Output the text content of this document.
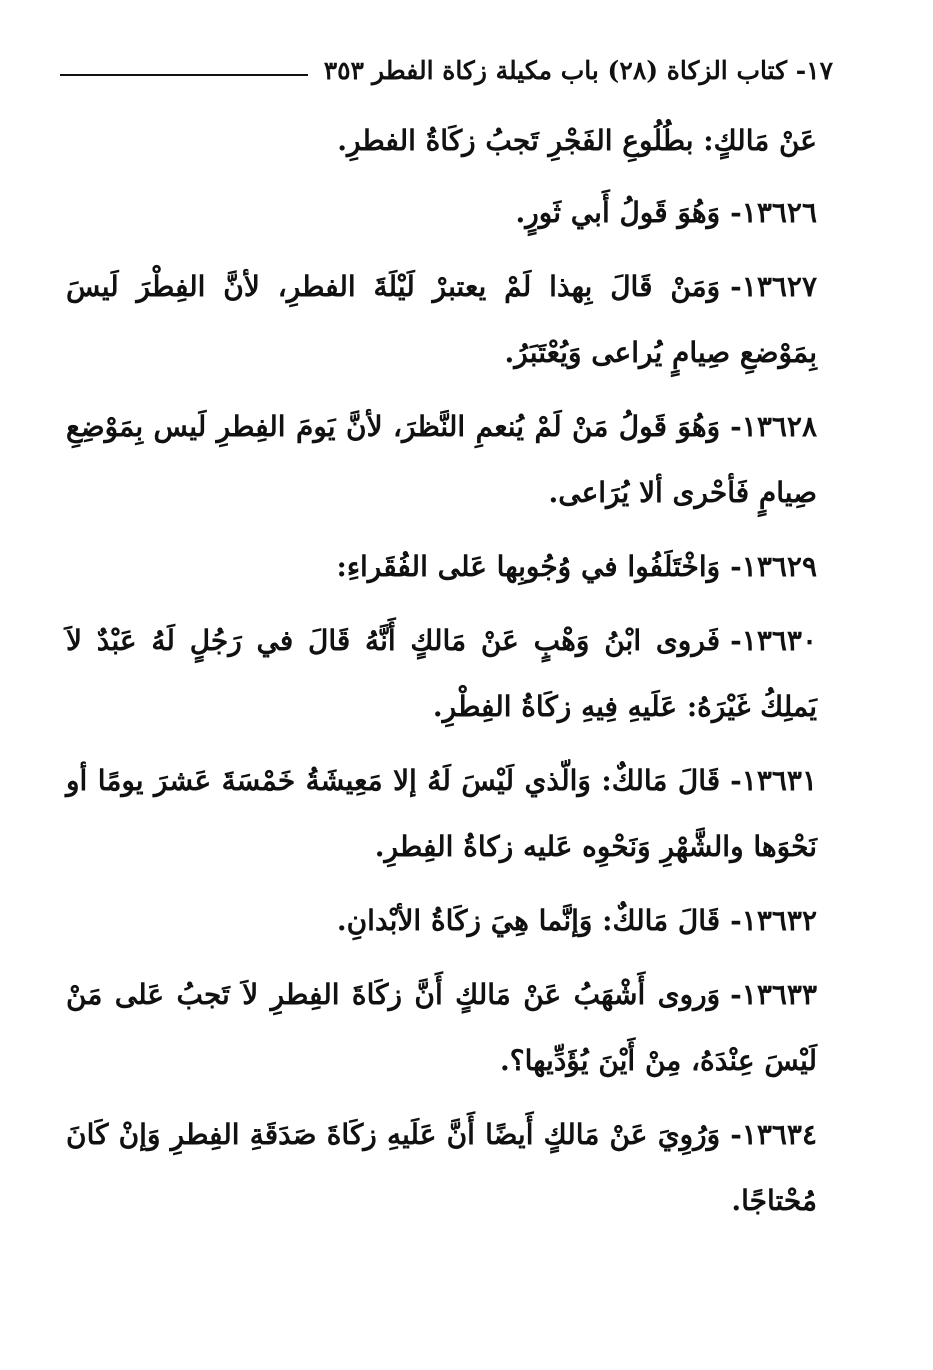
١٧- كتاب الزكاة (٢٨) باب مكيلة زكاة الفطر
٣٥٣

عَنْ مَالكٍ: بطُلُوعِ الفَجْرِ تَجبُ زكَاةُ الفطرِ.

١٣٦٢٦-وَهُوَ قَولُ أَبي ثَورٍ.

١٣٦٢٧-وَمَنْ قَالَ بِهذا لَمْ يعتبرْ لَيْلَةَ الفطرِ، لأنَّ الفِطْرَ لَيسَ بِمَوْضعِ صِيامٍ يُراعى وَيُعْتَبَرُ.

١٣٦٢٨-وَهُوَ قَولُ مَنْ لَمْ يُنعمِ النَّظرَ، لأنَّ يَومَ الفِطرِ لَيس بِمَوْضِعِ صِيامٍ فَأحْرى ألا يُرَاعى.

١٣٦٢٩-وَاخْتَلَفُوا في وُجُوبِها عَلى الفُقَراءِ:

١٣٦٣٠-فَروى ابْنُ وَهْبٍ عَنْ مَالكٍ أَنَّهُ قَالَ في رَجُلٍ لَهُ عَبْدٌ لاَ يَملِكُ غَيْرَهُ: عَلَيهِ فِيهِ زكَاةُ الفِطْرِ.

١٣٦٣١-قَالَ مَالكٌ: وَالّذي لَيْسَ لَهُ إلا مَعِيشَةُ خَمْسَةَ عَشرَ يومًا أو نَحْوَها والشَّهْرِ وَنَحْوِه عَليه زكاةُ الفِطرِ.

١٣٦٣٢-قَالَ مَالكٌ: وَإنَّما هِيَ زكَاةُ الأبْدانِ.

١٣٦٣٣-وَروى أَشْهَبُ عَنْ مَالكٍ أَنَّ زكَاةَ الفِطرِ لاَ تَجبُ عَلى مَنْ لَيْسَ عِنْدَهُ، مِنْ أَيْنَ يُؤَدِّيها؟.

١٣٦٣٤-وَرُوِيَ عَنْ مَالكٍ أَيضًا أَنَّ عَلَيهِ زكَاةَ صَدَقَةِ الفِطرِ وَإنْ كَانَ مُحْتاجًا.
